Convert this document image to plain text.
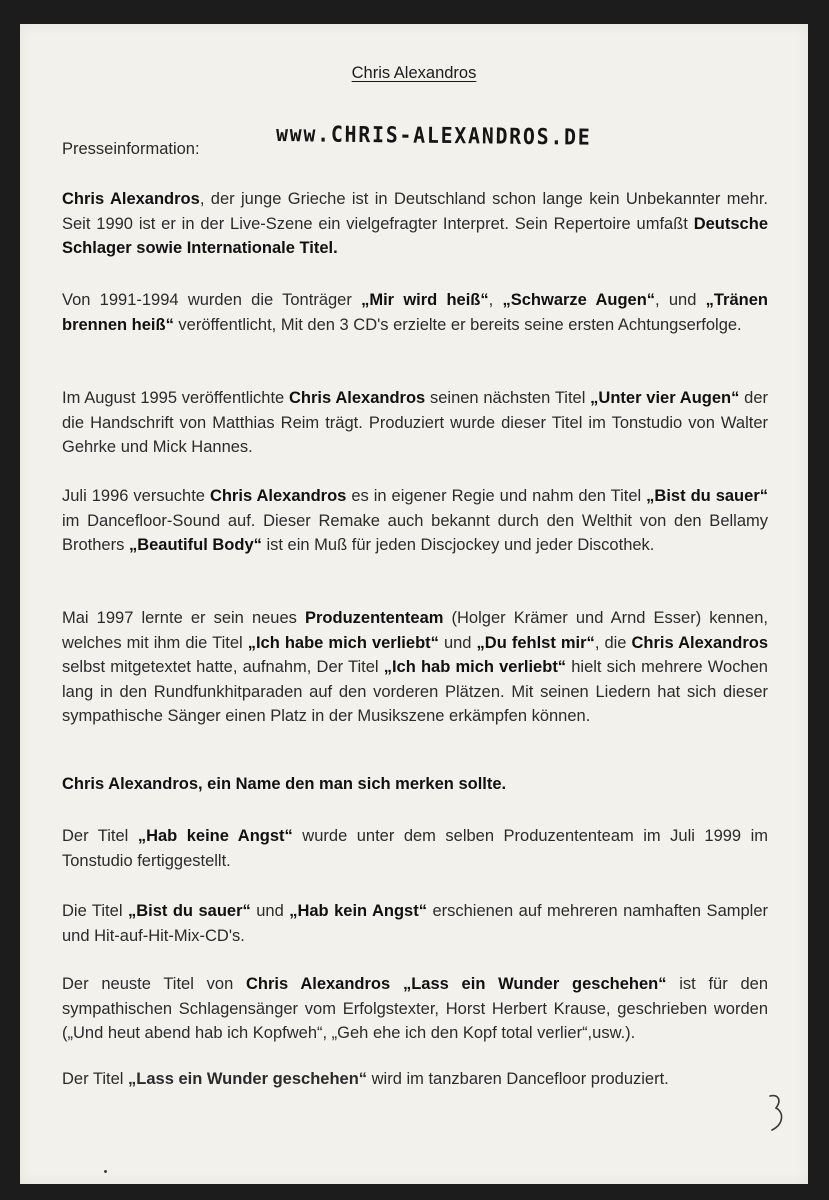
Chris Alexandros

Presseinformation:	www.CHRIS-ALEXANDROS.DE

Chris Alexandros, der junge Grieche ist in Deutschland schon lange kein Unbekannter mehr. Seit 1990 ist er in der Live-Szene ein vielgefragter Interpret. Sein Repertoire umfaßt Deutsche Schlager sowie Internationale Titel.

Von 1991-1994 wurden die Tonträger „Mir wird heiß“, „Schwarze Augen“, und „Tränen brennen heiß“ veröffentlicht, Mit den 3 CD's erzielte er bereits seine ersten Achtungserfolge.

Im August 1995 veröffentlichte Chris Alexandros seinen nächsten Titel „Unter vier Augen“ der die Handschrift von Matthias Reim trägt. Produziert wurde dieser Titel im Tonstudio von Walter Gehrke und Mick Hannes.

Juli 1996 versuchte Chris Alexandros es in eigener Regie und nahm den Titel „Bist du sauer“ im Dancefloor-Sound auf. Dieser Remake auch bekannt durch den Welthit von den Bellamy Brothers „Beautiful Body“ ist ein Muß für jeden Discjockey und jeder Discothek.

Mai 1997 lernte er sein neues Produzententeam (Holger Krämer und Arnd Esser) kennen, welches mit ihm die Titel „Ich habe mich verliebt“ und „Du fehlst mir“, die Chris Alexandros selbst mitgetextet hatte, aufnahm, Der Titel „Ich hab mich verliebt“ hielt sich mehrere Wochen lang in den Rundfunkhitparaden auf den vorderen Plätzen. Mit seinen Liedern hat sich dieser sympathische Sänger einen Platz in der Musikszene erkämpfen können.

Chris Alexandros, ein Name den man sich merken sollte.

Der Titel „Hab keine Angst“ wurde unter dem selben Produzententeam im Juli 1999 im Tonstudio fertiggestellt.

Die Titel „Bist du sauer“ und „Hab kein Angst“ erschienen auf mehreren namhaften Sampler und Hit-auf-Hit-Mix-CD's.

Der neuste Titel von Chris Alexandros „Lass ein Wunder geschehen“ ist für den sympathischen Schlagensänger vom Erfolgstexter, Horst Herbert Krause, geschrieben worden („Und heut abend hab ich Kopfweh“, „Geh ehe ich den Kopf total verlier“,usw.).

Der Titel „Lass ein Wunder geschehen“ wird im tanzbaren Dancefloor produziert.
